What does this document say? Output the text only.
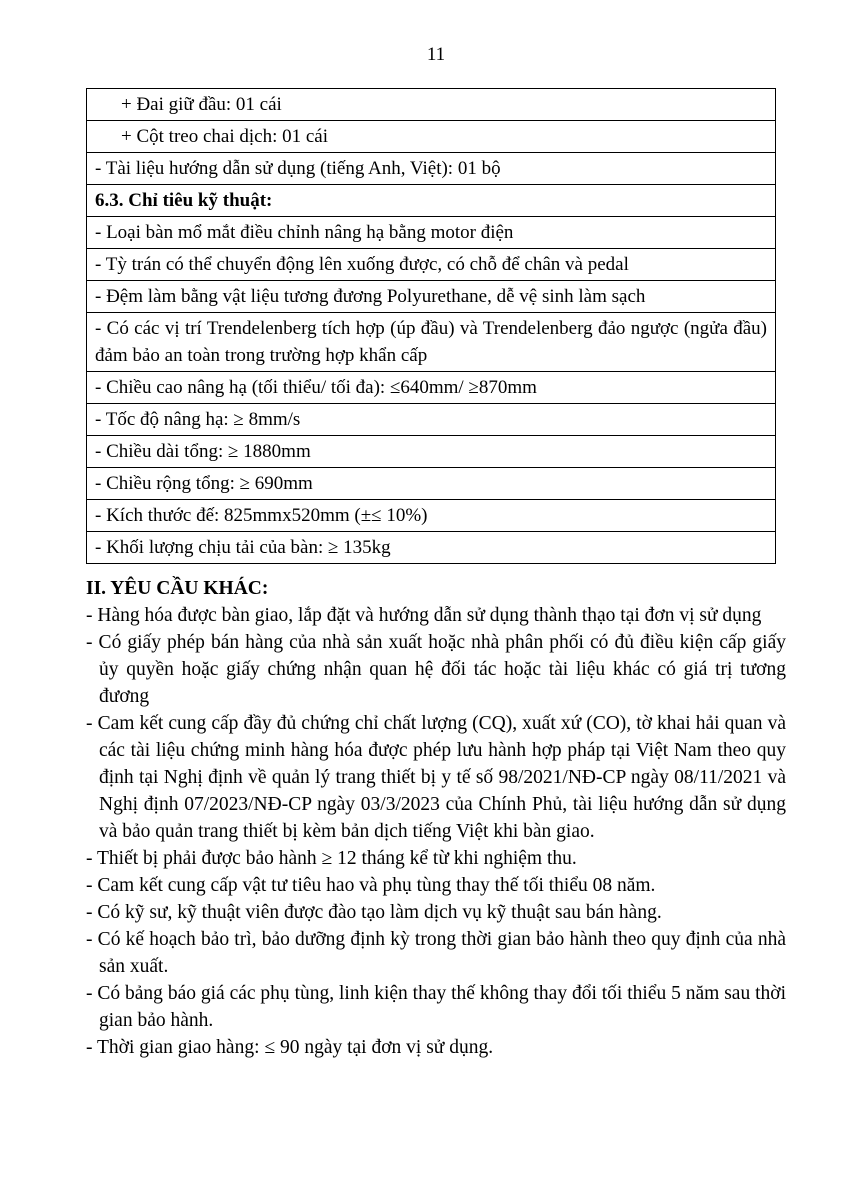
11
+ Đai giữ đầu: 01 cái
+ Cột treo chai dịch: 01 cái
- Tài liệu hướng dẫn sử dụng (tiếng Anh, Việt): 01 bộ
6.3. Chỉ tiêu kỹ thuật:
- Loại bàn mổ mắt điều chỉnh nâng hạ bằng motor điện
- Tỳ trán có thể chuyển động lên xuống được, có chỗ để chân và pedal
- Đệm làm bằng vật liệu tương đương Polyurethane, dễ vệ sinh làm sạch
- Có các vị trí Trendelenberg tích hợp (úp đầu) và Trendelenberg đảo ngược (ngửa đầu) đảm bảo an toàn trong trường hợp khẩn cấp
- Chiều cao nâng hạ (tối thiểu/ tối đa): ≤640mm/ ≥870mm
- Tốc độ nâng hạ: ≥ 8mm/s
- Chiều dài tổng: ≥ 1880mm
- Chiều rộng tổng: ≥ 690mm
- Kích thước đế: 825mmx520mm (±≤ 10%)
- Khối lượng chịu tải của bàn: ≥ 135kg
II. YÊU CẦU KHÁC:

- Hàng hóa được bàn giao, lắp đặt và hướng dẫn sử dụng thành thạo tại đơn vị sử dụng

- Có giấy phép bán hàng của nhà sản xuất hoặc nhà phân phối có đủ điều kiện cấp giấy ủy quyền hoặc giấy chứng nhận quan hệ đối tác hoặc tài liệu khác có giá trị tương đương

- Cam kết cung cấp đầy đủ chứng chỉ chất lượng (CQ), xuất xứ (CO), tờ khai hải quan và các tài liệu chứng minh hàng hóa được phép lưu hành hợp pháp tại Việt Nam theo quy định tại Nghị định về quản lý trang thiết bị y tế số 98/2021/NĐ-CP ngày 08/11/2021 và Nghị định 07/2023/NĐ-CP ngày 03/3/2023 của Chính Phủ, tài liệu hướng dẫn sử dụng và bảo quản trang thiết bị kèm bản dịch tiếng Việt khi bàn giao.

- Thiết bị phải được bảo hành ≥ 12 tháng kể từ khi nghiệm thu.

- Cam kết cung cấp vật tư tiêu hao và phụ tùng thay thế tối thiểu 08 năm.

- Có kỹ sư, kỹ thuật viên được đào tạo làm dịch vụ kỹ thuật sau bán hàng.

- Có kế hoạch bảo trì, bảo dưỡng định kỳ trong thời gian bảo hành theo quy định của nhà sản xuất.

- Có bảng báo giá các phụ tùng, linh kiện thay thế không thay đổi tối thiểu 5 năm sau thời gian bảo hành.

- Thời gian giao hàng: ≤ 90 ngày tại đơn vị sử dụng.
